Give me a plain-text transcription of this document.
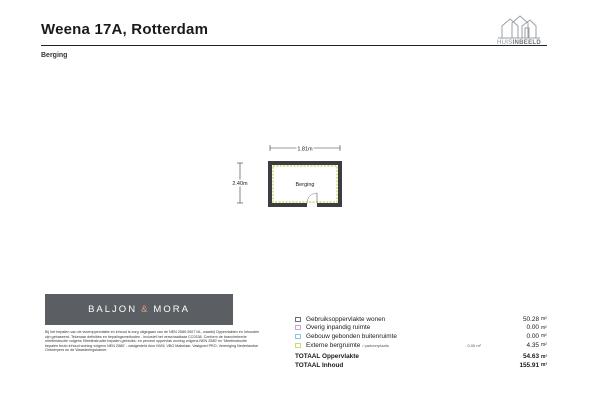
Weena 17A, Rotterdam
Berging
HUISINBEELD
1.81m
2.40m	Berging
BALJON & MORA
Bij het bepalen van de vloeroppervlakte en inhoud is zorg uitgegaan van de NEN 2580:2007 NL, waarbij Oppervlakten en Inhouden zijn gebaseerd. Tekenaar definities en bepalingsmethoden - inclusief het verschaalbaar CC0338. Conform de branchebrede meetinstructie volgens 'Meetinstructie bepalen gebruiks- en perceel oppervlak woning volgens NEN 2580' en 'Meetinstructie bepalen bruto inhoud woning volgens NEN 2580' - vastgesteld door NVM, VBO Makelaar, Vastgoed PRO, Vereniging Nederlandse Ontwerpers en de Waarderingskamer.
Gebruiksoppervlakte wonen	50.28 m²
Overig inpandig ruimte	0.00 m²
Gebouw gebonden buitenruimte	0.00 m²
Externe bergruimte / parkeerplaats	0.00 m²	4.35 m²
TOTAAL Oppervlakte	54.63 m²
TOTAAL Inhoud	155.91 m³
